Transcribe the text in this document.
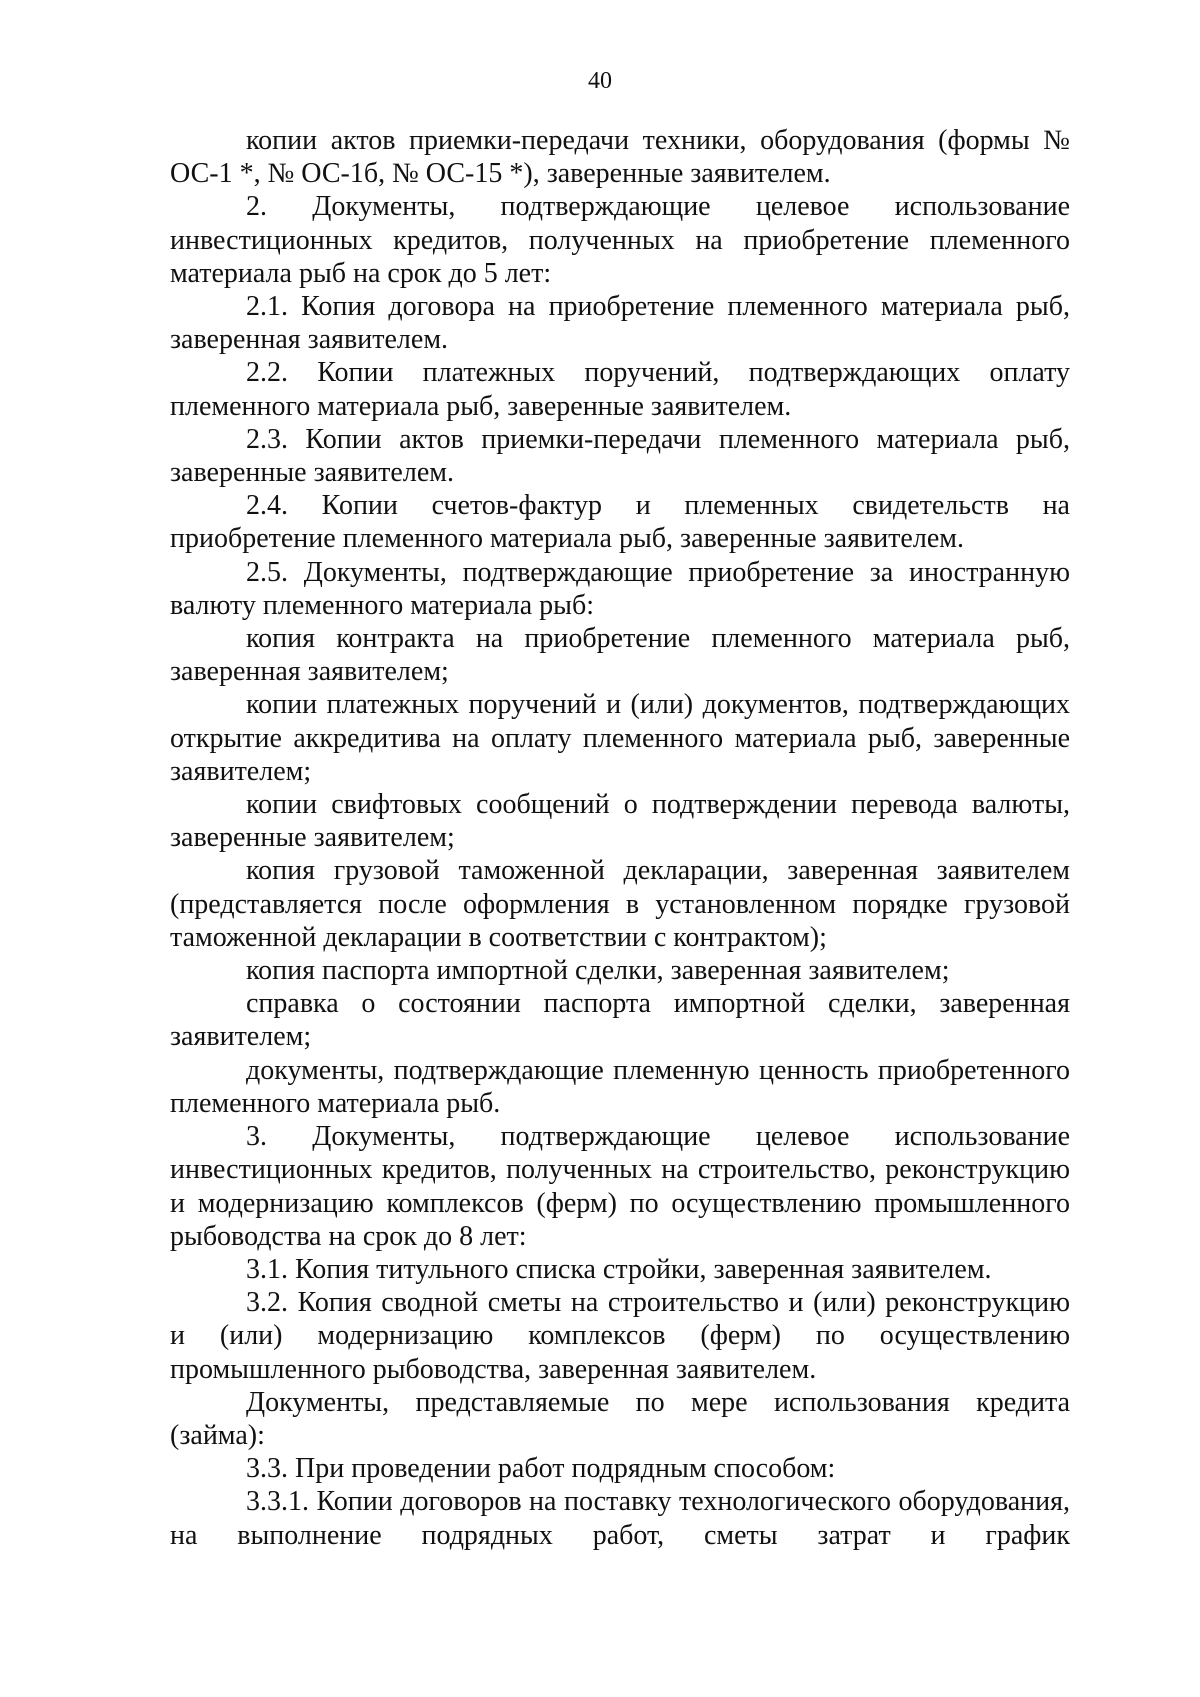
40

копии актов приемки-передачи техники, оборудования (формы № ОС-1 *, № ОС-1б, № ОС-15 *), заверенные заявителем.

2. Документы, подтверждающие целевое использование инвестиционных кредитов, полученных на приобретение племенного материала рыб на срок до 5 лет:

2.1. Копия договора на приобретение племенного материала рыб, заверенная заявителем.

2.2. Копии платежных поручений, подтверждающих оплату племенного материала рыб, заверенные заявителем.

2.3. Копии актов приемки-передачи племенного материала рыб, заверенные заявителем.

2.4. Копии счетов-фактур и племенных свидетельств на приобретение племенного материала рыб, заверенные заявителем.

2.5. Документы, подтверждающие приобретение за иностранную валюту племенного материала рыб:

копия контракта на приобретение племенного материала рыб, заверенная заявителем;

копии платежных поручений и (или) документов, подтверждающих открытие аккредитива на оплату племенного материала рыб, заверенные заявителем;

копии свифтовых сообщений о подтверждении перевода валюты, заверенные заявителем;

копия грузовой таможенной декларации, заверенная заявителем (представляется после оформления в установленном порядке грузовой таможенной декларации в соответствии с контрактом);

копия паспорта импортной сделки, заверенная заявителем;

справка о состоянии паспорта импортной сделки, заверенная заявителем;

документы, подтверждающие племенную ценность приобретенного племенного материала рыб.

3. Документы, подтверждающие целевое использование инвестиционных кредитов, полученных на строительство, реконструкцию и модернизацию комплексов (ферм) по осуществлению промышленного рыбоводства на срок до 8 лет:

3.1. Копия титульного списка стройки, заверенная заявителем.

3.2. Копия сводной сметы на строительство и (или) реконструкцию и (или) модернизацию комплексов (ферм) по осуществлению промышленного рыбоводства, заверенная заявителем.

Документы, представляемые по мере использования кредита (займа):

3.3. При проведении работ подрядным способом:

3.3.1. Копии договоров на поставку технологического оборудования, на выполнение подрядных работ, сметы затрат и график
